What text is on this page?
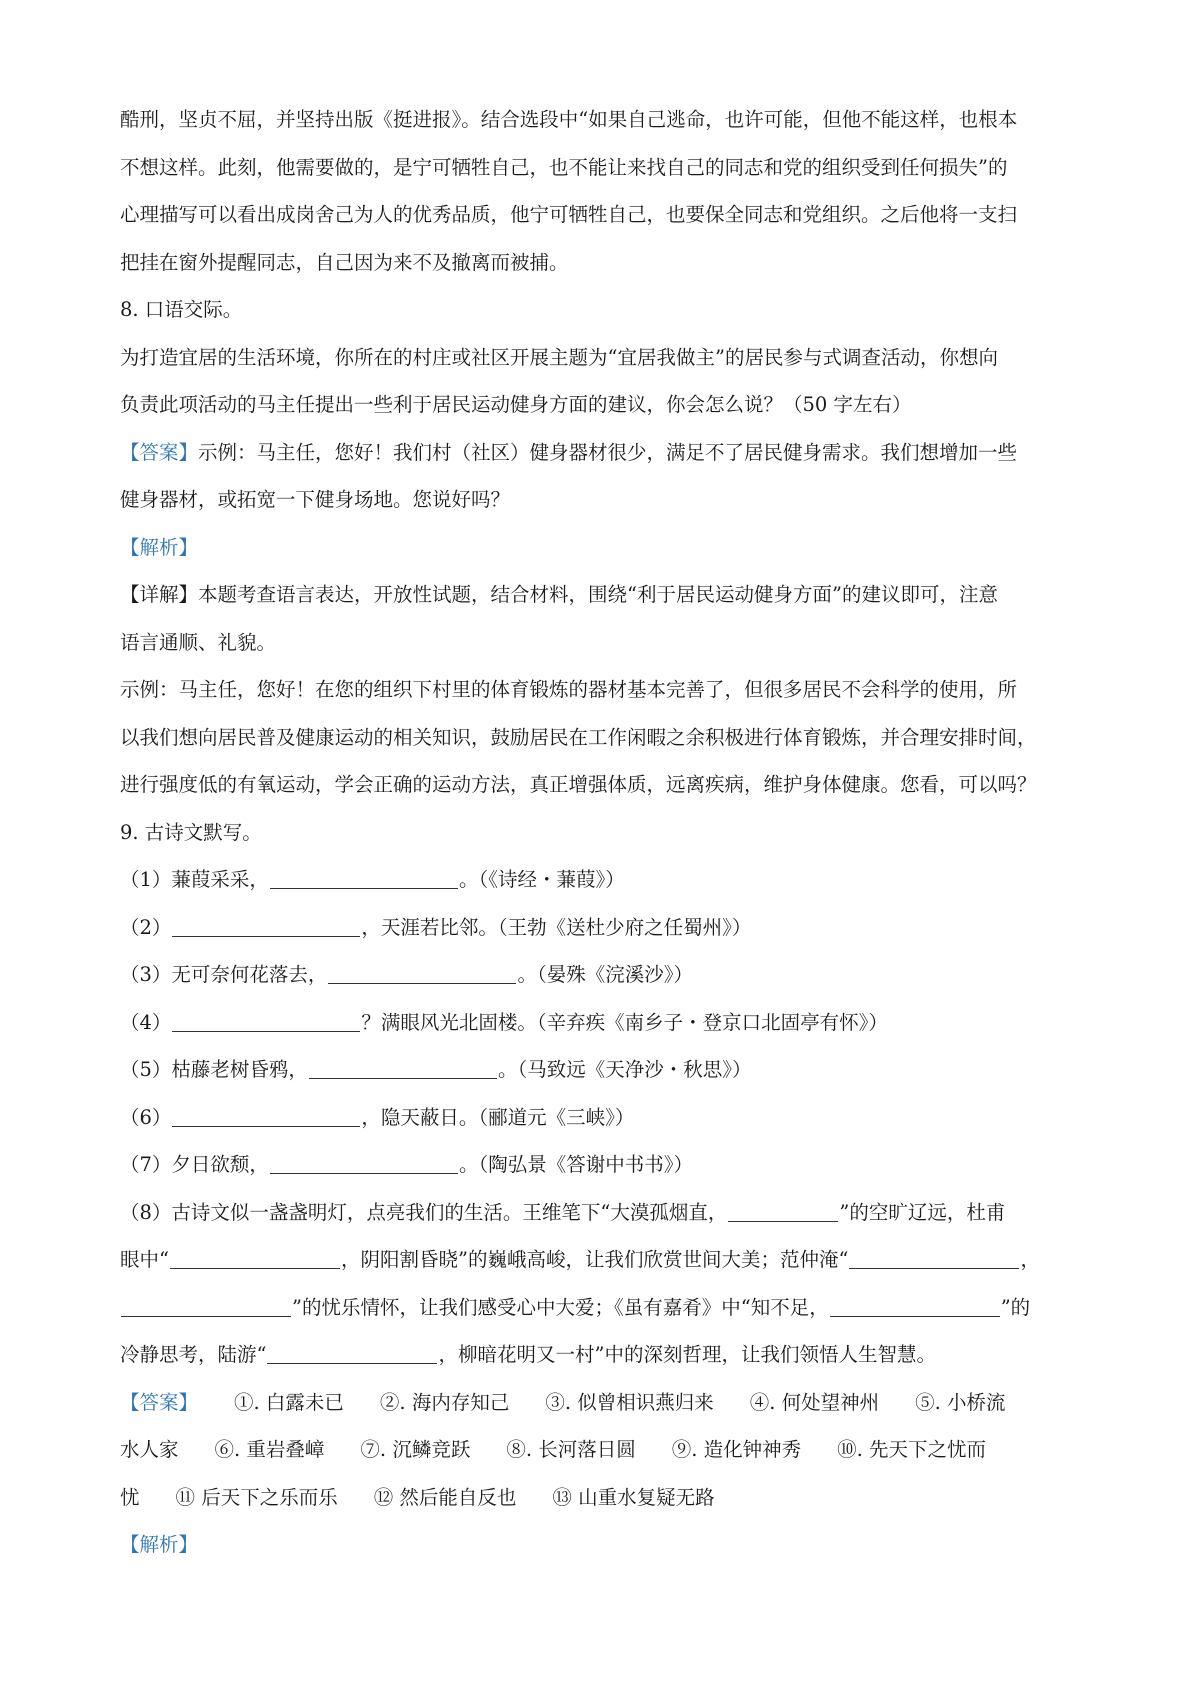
酷刑，坚贞不屈，并坚持出版《挺进报》。结合选段中“如果自己逃命，也许可能，但他不能这样，也根本

不想这样。此刻，他需要做的，是宁可牺牲自己，也不能让来找自己的同志和党的组织受到任何损失”的

心理描写可以看出成岗舍己为人的优秀品质，他宁可牺牲自己，也要保全同志和党组织。之后他将一支扫

把挂在窗外提醒同志，自己因为来不及撤离而被捕。

8. 口语交际。

为打造宜居的生活环境，你所在的村庄或社区开展主题为“宜居我做主”的居民参与式调查活动，你想向

负责此项活动的马主任提出一些利于居民运动健身方面的建议，你会怎么说？（50 字左右）

【答案】示例：马主任，您好！我们村（社区）健身器材很少，满足不了居民健身需求。我们想增加一些

健身器材，或拓宽一下健身场地。您说好吗？

【解析】

【详解】本题考查语言表达，开放性试题，结合材料，围绕“利于居民运动健身方面”的建议即可，注意

语言通顺、礼貌。

示例：马主任，您好！在您的组织下村里的体育锻炼的器材基本完善了，但很多居民不会科学的使用，所

以我们想向居民普及健康运动的相关知识，鼓励居民在工作闲暇之余积极进行体育锻炼，并合理安排时间，

进行强度低的有氧运动，学会正确的运动方法，真正增强体质，远离疾病，维护身体健康。您看，可以吗？

9. 古诗文默写。

（1）蒹葭采采，	。（《诗经・蒹葭》）

（2）	，天涯若比邻。（王勃《送杜少府之任蜀州》）

（3）无可奈何花落去，	。（晏殊《浣溪沙》）

（4）	？满眼风光北固楼。（辛弃疾《南乡子・登京口北固亭有怀》）

（5）枯藤老树昏鸦，	。（马致远《天净沙・秋思》）

（6）	，隐天蔽日。（郦道元《三峡》）

（7）夕日欲颓，	。（陶弘景《答谢中书书》）

（8）古诗文似一盏盏明灯，点亮我们的生活。王维笔下“大漠孤烟直，	”的空旷辽远，杜甫

眼中“	，阴阳割昏晓”的巍峨高峻，让我们欣赏世间大美；范仲淹“	，

”的忧乐情怀，让我们感受心中大爱；《虽有嘉肴》中“知不足，	”的

冷静思考，陆游“	，柳暗花明又一村”中的深刻哲理，让我们领悟人生智慧。

【答案】 ①. 白露未已 ②. 海内存知己 ③. 似曾相识燕归来 ④. 何处望神州 ⑤. 小桥流

水人家 ⑥. 重岩叠嶂 ⑦. 沉鳞竞跃 ⑧. 长河落日圆 ⑨. 造化钟神秀 ⑩. 先天下之忧而

忧 ⑪ 后天下之乐而乐 ⑫ 然后能自反也 ⑬ 山重水复疑无路

【解析】
